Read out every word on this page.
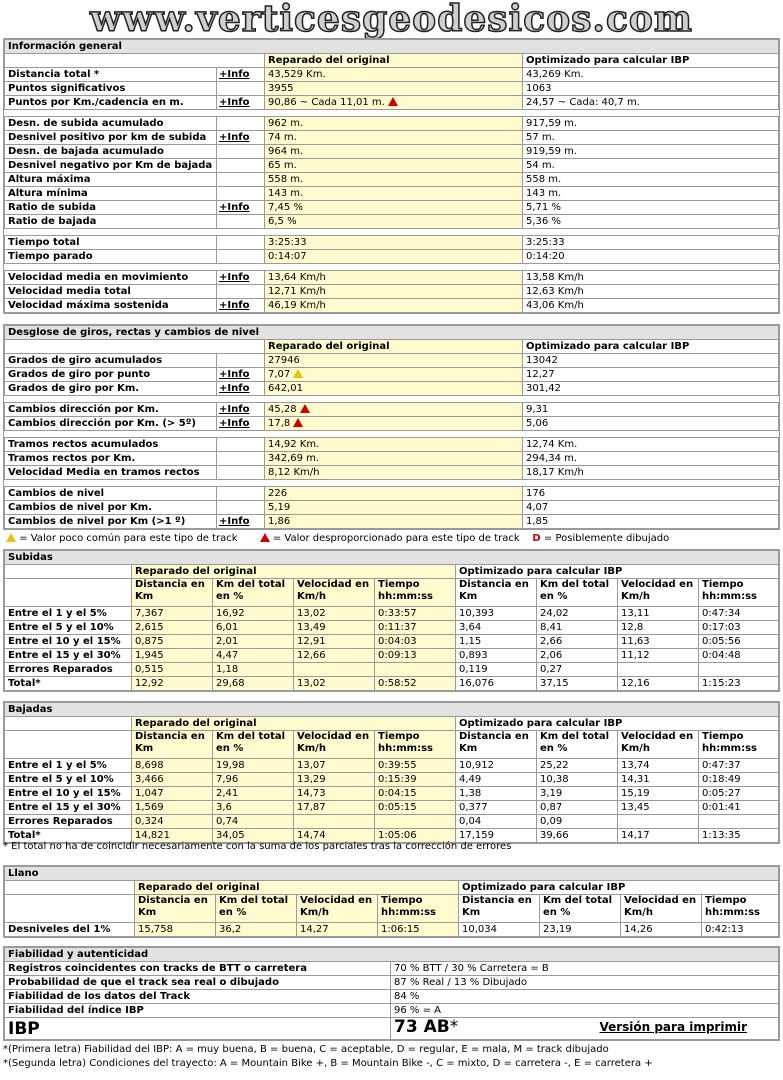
www.verticesgeodesicos.com
Información general			
		Reparado del original	Optimizado para calcular IBP
Distancia total *	+Info	43,529 Km.	43,269 Km.
Puntos significativos		3955	1063
Puntos por Km./cadencia en m.	+Info	90,86 ~ Cada 11,01 m.	24,57 ~ Cada: 40,7 m.

Desn. de subida acumulado		962 m.	917,59 m.
Desnivel positivo por km de subida	+Info	74 m.	57 m.
Desn. de bajada acumulado		964 m.	919,59 m.
Desnivel negativo por Km de bajada		65 m.	54 m.
Altura máxima		558 m.	558 m.
Altura mínima		143 m.	143 m.
Ratio de subida	+Info	7,45 %	5,71 %
Ratio de bajada		6,5 %	5,36 %

Tiempo total		3:25:33	3:25:33
Tiempo parado		0:14:07	0:14:20

Velocidad media en movimiento	+Info	13,64 Km/h	13,58 Km/h
Velocidad media total		12,71 Km/h	12,63 Km/h
Velocidad máxima sostenida	+Info	46,19 Km/h	43,06 Km/h
Desglose de giros, rectas y cambios de nivel			
		Reparado del original	Optimizado para calcular IBP
Grados de giro acumulados		27946	13042
Grados de giro por punto	+Info	7,07	12,27
Grados de giro por Km.	+Info	642,01	301,42

Cambios dirección por Km.	+Info	45,28	9,31
Cambios dirección por Km. (> 5º)	+Info	17,8	5,06

Tramos rectos acumulados		14,92 Km.	12,74 Km.
Tramos rectos por Km.		342,69 m.	294,34 m.
Velocidad Media en tramos rectos		8,12 Km/h	18,17 Km/h

Cambios de nivel		226	176
Cambios de nivel por Km.		5,19	4,07
Cambios de nivel por Km (>1 º)	+Info	1,86	1,85
= Valor poco común para este tipo de track	= Valor desproporcionado para este tipo de track D = Posiblemente dibujado
Subidas								
	Reparado del original				Optimizado para calcular IBP			
	Distancia en Km	Km del total en %	Velocidad en Km/h	Tiempo hh:mm:ss	Distancia en Km	Km del total en %	Velocidad en Km/h	Tiempo hh:mm:ss
Entre el 1 y el 5%	7,367	16,92	13,02	0:33:57	10,393	24,02	13,11	0:47:34
Entre el 5 y el 10%	2,615	6,01	13,49	0:11:37	3,64	8,41	12,8	0:17:03
Entre el 10 y el 15%	0,875	2,01	12,91	0:04:03	1,15	2,66	11,63	0:05:56
Entre el 15 y el 30%	1,945	4,47	12,66	0:09:13	0,893	2,06	11,12	0:04:48
Errores Reparados	0,515	1,18			0,119	0,27		
Total*	12,92	29,68	13,02	0:58:52	16,076	37,15	12,16	1:15:23
Bajadas								
	Reparado del original				Optimizado para calcular IBP			
	Distancia en Km	Km del total en %	Velocidad en Km/h	Tiempo hh:mm:ss	Distancia en Km	Km del total en %	Velocidad en Km/h	Tiempo hh:mm:ss
Entre el 1 y el 5%	8,698	19,98	13,07	0:39:55	10,912	25,22	13,74	0:47:37
Entre el 5 y el 10%	3,466	7,96	13,29	0:15:39	4,49	10,38	14,31	0:18:49
Entre el 10 y el 15%	1,047	2,41	14,73	0:04:15	1,38	3,19	15,19	0:05:27
Entre el 15 y el 30%	1,569	3,6	17,87	0:05:15	0,377	0,87	13,45	0:01:41
Errores Reparados	0,324	0,74			0,04	0,09		
Total*	14,821	34,05	14,74	1:05:06	17,159	39,66	14,17	1:13:35
* El total no ha de coincidir necesariamente con la suma de los parciales tras la corrección de errores
Llano								
	Reparado del original				Optimizado para calcular IBP			
	Distancia en Km	Km del total en %	Velocidad en Km/h	Tiempo hh:mm:ss	Distancia en Km	Km del total en %	Velocidad en Km/h	Tiempo hh:mm:ss
Desniveles del 1%	15,758	36,2	14,27	1:06:15	10,034	23,19	14,26	0:42:13
Fiabilidad y autenticidad	
Registros coincidentes con tracks de BTT o carretera	70 % BTT / 30 % Carretera = B
Probabilidad de que el track sea real o dibujado	87 % Real / 13 % Dibujado
Fiabilidad de los datos del Track	84 %
Fiabilidad del índice IBP	96 % = A
IBP	73 AB* Versión para imprimir
*(Primera letra) Fiabilidad del IBP: A = muy buena, B = buena, C = aceptable, D = regular, E = mala, M = track dibujado
*(Segunda letra) Condiciones del trayecto: A = Mountain Bike +, B = Mountain Bike -, C = mixto, D = carretera -, E = carretera +
